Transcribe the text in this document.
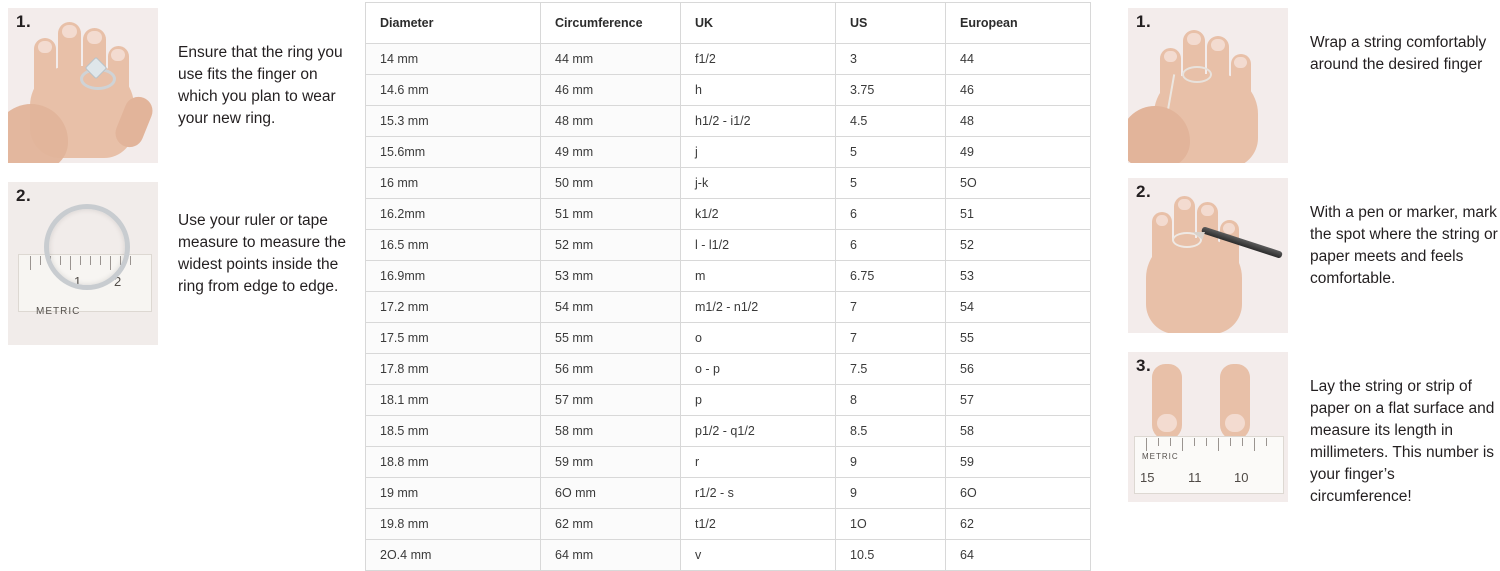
1.
Ensure that the ring you use fits the finger on which you plan to wear your new ring.
1	2
METRIC
2.
Use your ruler or tape measure to measure the widest points inside the ring from edge to edge.
Diameter	Circumference	UK	US	European
14 mm	44 mm	f1/2	3	44
14.6 mm	46 mm	h	3.75	46
15.3 mm	48 mm	h1/2 - i1/2	4.5	48
15.6mm	49 mm	j	5	49
16 mm	50 mm	j-k	5	5O
16.2mm	51 mm	k1/2	6	51
16.5 mm	52 mm	l - l1/2	6	52
16.9mm	53 mm	m	6.75	53
17.2 mm	54 mm	m1/2 - n1/2	7	54
17.5 mm	55 mm	o	7	55
17.8 mm	56 mm	o - p	7.5	56
18.1 mm	57 mm	p	8	57
18.5 mm	58 mm	p1/2 - q1/2	8.5	58
18.8 mm	59 mm	r	9	59
19 mm	6O mm	r1/2 - s	9	6O
19.8 mm	62 mm	t1/2	1O	62
2O.4 mm	64 mm	v	10.5	64
1.
Wrap a string comfortably around the desired finger
2.
With a pen or marker, mark the spot where the string or paper meets and feels comfortable.
METRIC
15	11	10
3.
Lay the string or strip of paper on a flat surface and measure its length in millimeters. This number is your finger’s circumference!
